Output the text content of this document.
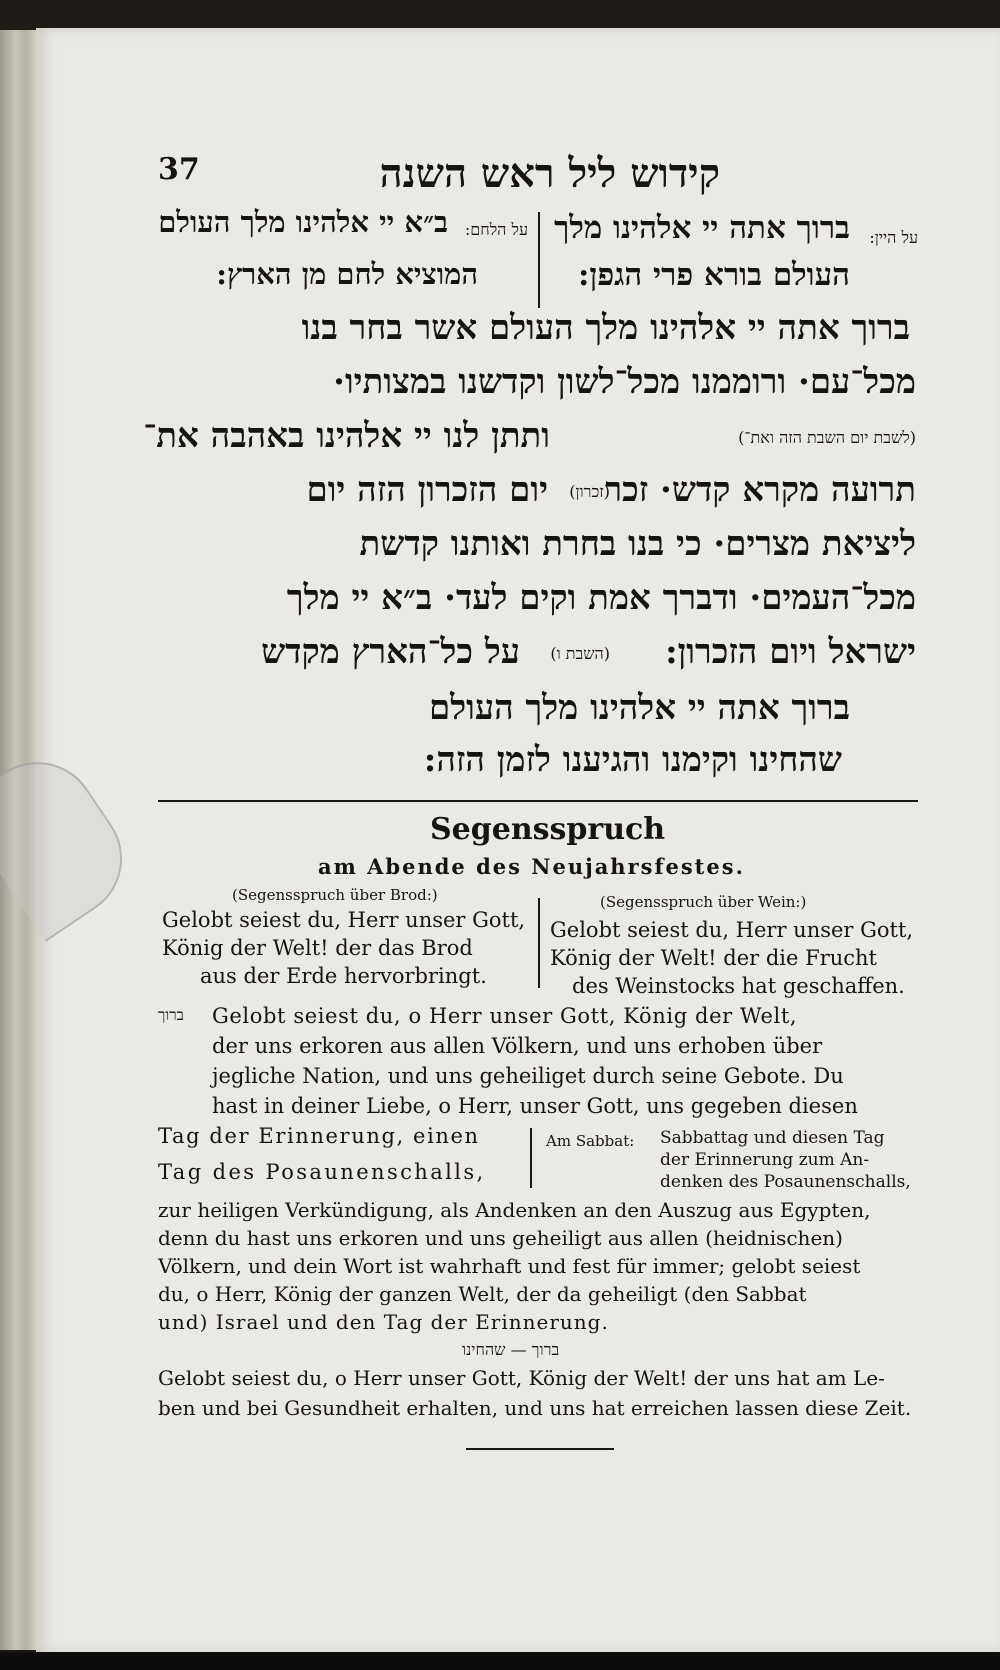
37	קידוש ליל ראש השנה

על היין:

ברוך אתה יי אלהינו מלך

העולם בורא פרי הגפן:

על הלחם:

ב״א יי אלהינו מלך העולם

המוציא לחם מן הארץ:

ברוך אתה יי אלהינו מלך העולם אשר בחר בנו

מכל־עם· ורוממנו מכל־לשון וקדשנו במצותיו·

ותתן לנו יי אלהינו באהבה את־	(לשבת יום השבת הזה ואת־)

יום הזכרון הזה יום (זכרון)

תרועה מקרא קדש· זכר

ליציאת מצרים· כי בנו בחרת ואותנו קדשת

מכל־העמים· ודברך אמת וקים לעד· ב״א יי מלך

על כל־הארץ מקדש (השבת ו) ישראל ויום הזכרון:

ברוך אתה יי אלהינו מלך העולם

שהחינו וקימנו והגיענו לזמן הזה:

Segensspruch

am Abende des Neujahrsfestes.

(Segensspruch über Brod:)

Gelobt seiest du, Herr unser Gott,

König der Welt! der das Brod

aus der Erde hervorbringt.

(Segensspruch über Wein:)

Gelobt seiest du, Herr unser Gott,

König der Welt! der die Frucht

des Weinstocks hat geschaffen.

ברוך Gelobt seiest du, o Herr unser Gott, König der Welt,

der uns erkoren aus allen Völkern, und uns erhoben über

jegliche Nation, und uns geheiliget durch seine Gebote. Du

hast in deiner Liebe, o Herr, unser Gott, uns gegeben diesen

Tag der Erinnerung, einen

Tag des Posaunenschalls,

Am Sabbat: Sabbattag und diesen Tag

der Erinnerung zum An-

denken des Posaunenschalls,

zur heiligen Verkündigung, als Andenken an den Auszug aus Egypten,

denn du hast uns erkoren und uns geheiligt aus allen (heidnischen)

Völkern, und dein Wort ist wahrhaft und fest für immer; gelobt seiest

du, o Herr, König der ganzen Welt, der da geheiligt (den Sabbat

und) Israel und den Tag der Erinnerung.

ברוך — שהחינו

Gelobt seiest du, o Herr unser Gott, König der Welt! der uns hat am Le-

ben und bei Gesundheit erhalten, und uns hat erreichen lassen diese Zeit.
